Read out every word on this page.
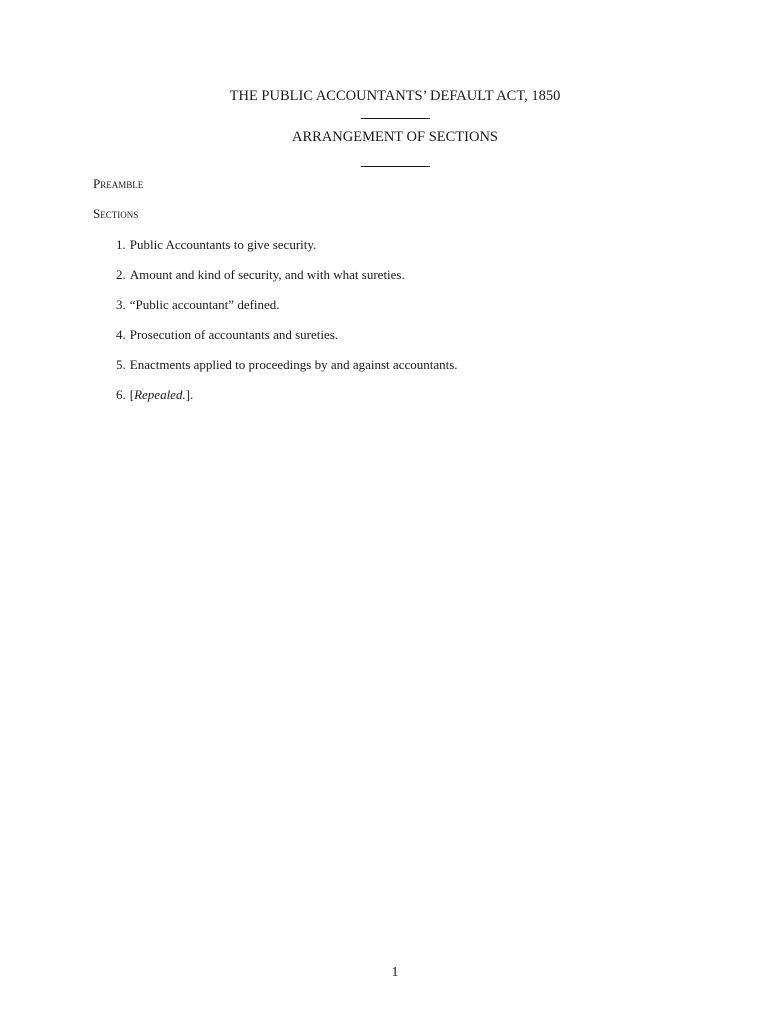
THE PUBLIC ACCOUNTANTS’ DEFAULT ACT, 1850
ARRANGEMENT OF SECTIONS
Preamble
Sections
1. Public Accountants to give security.
2. Amount and kind of security, and with what sureties.
3. “Public accountant” defined.
4. Prosecution of accountants and sureties.
5. Enactments applied to proceedings by and against accountants.
6. [Repealed.].
1
